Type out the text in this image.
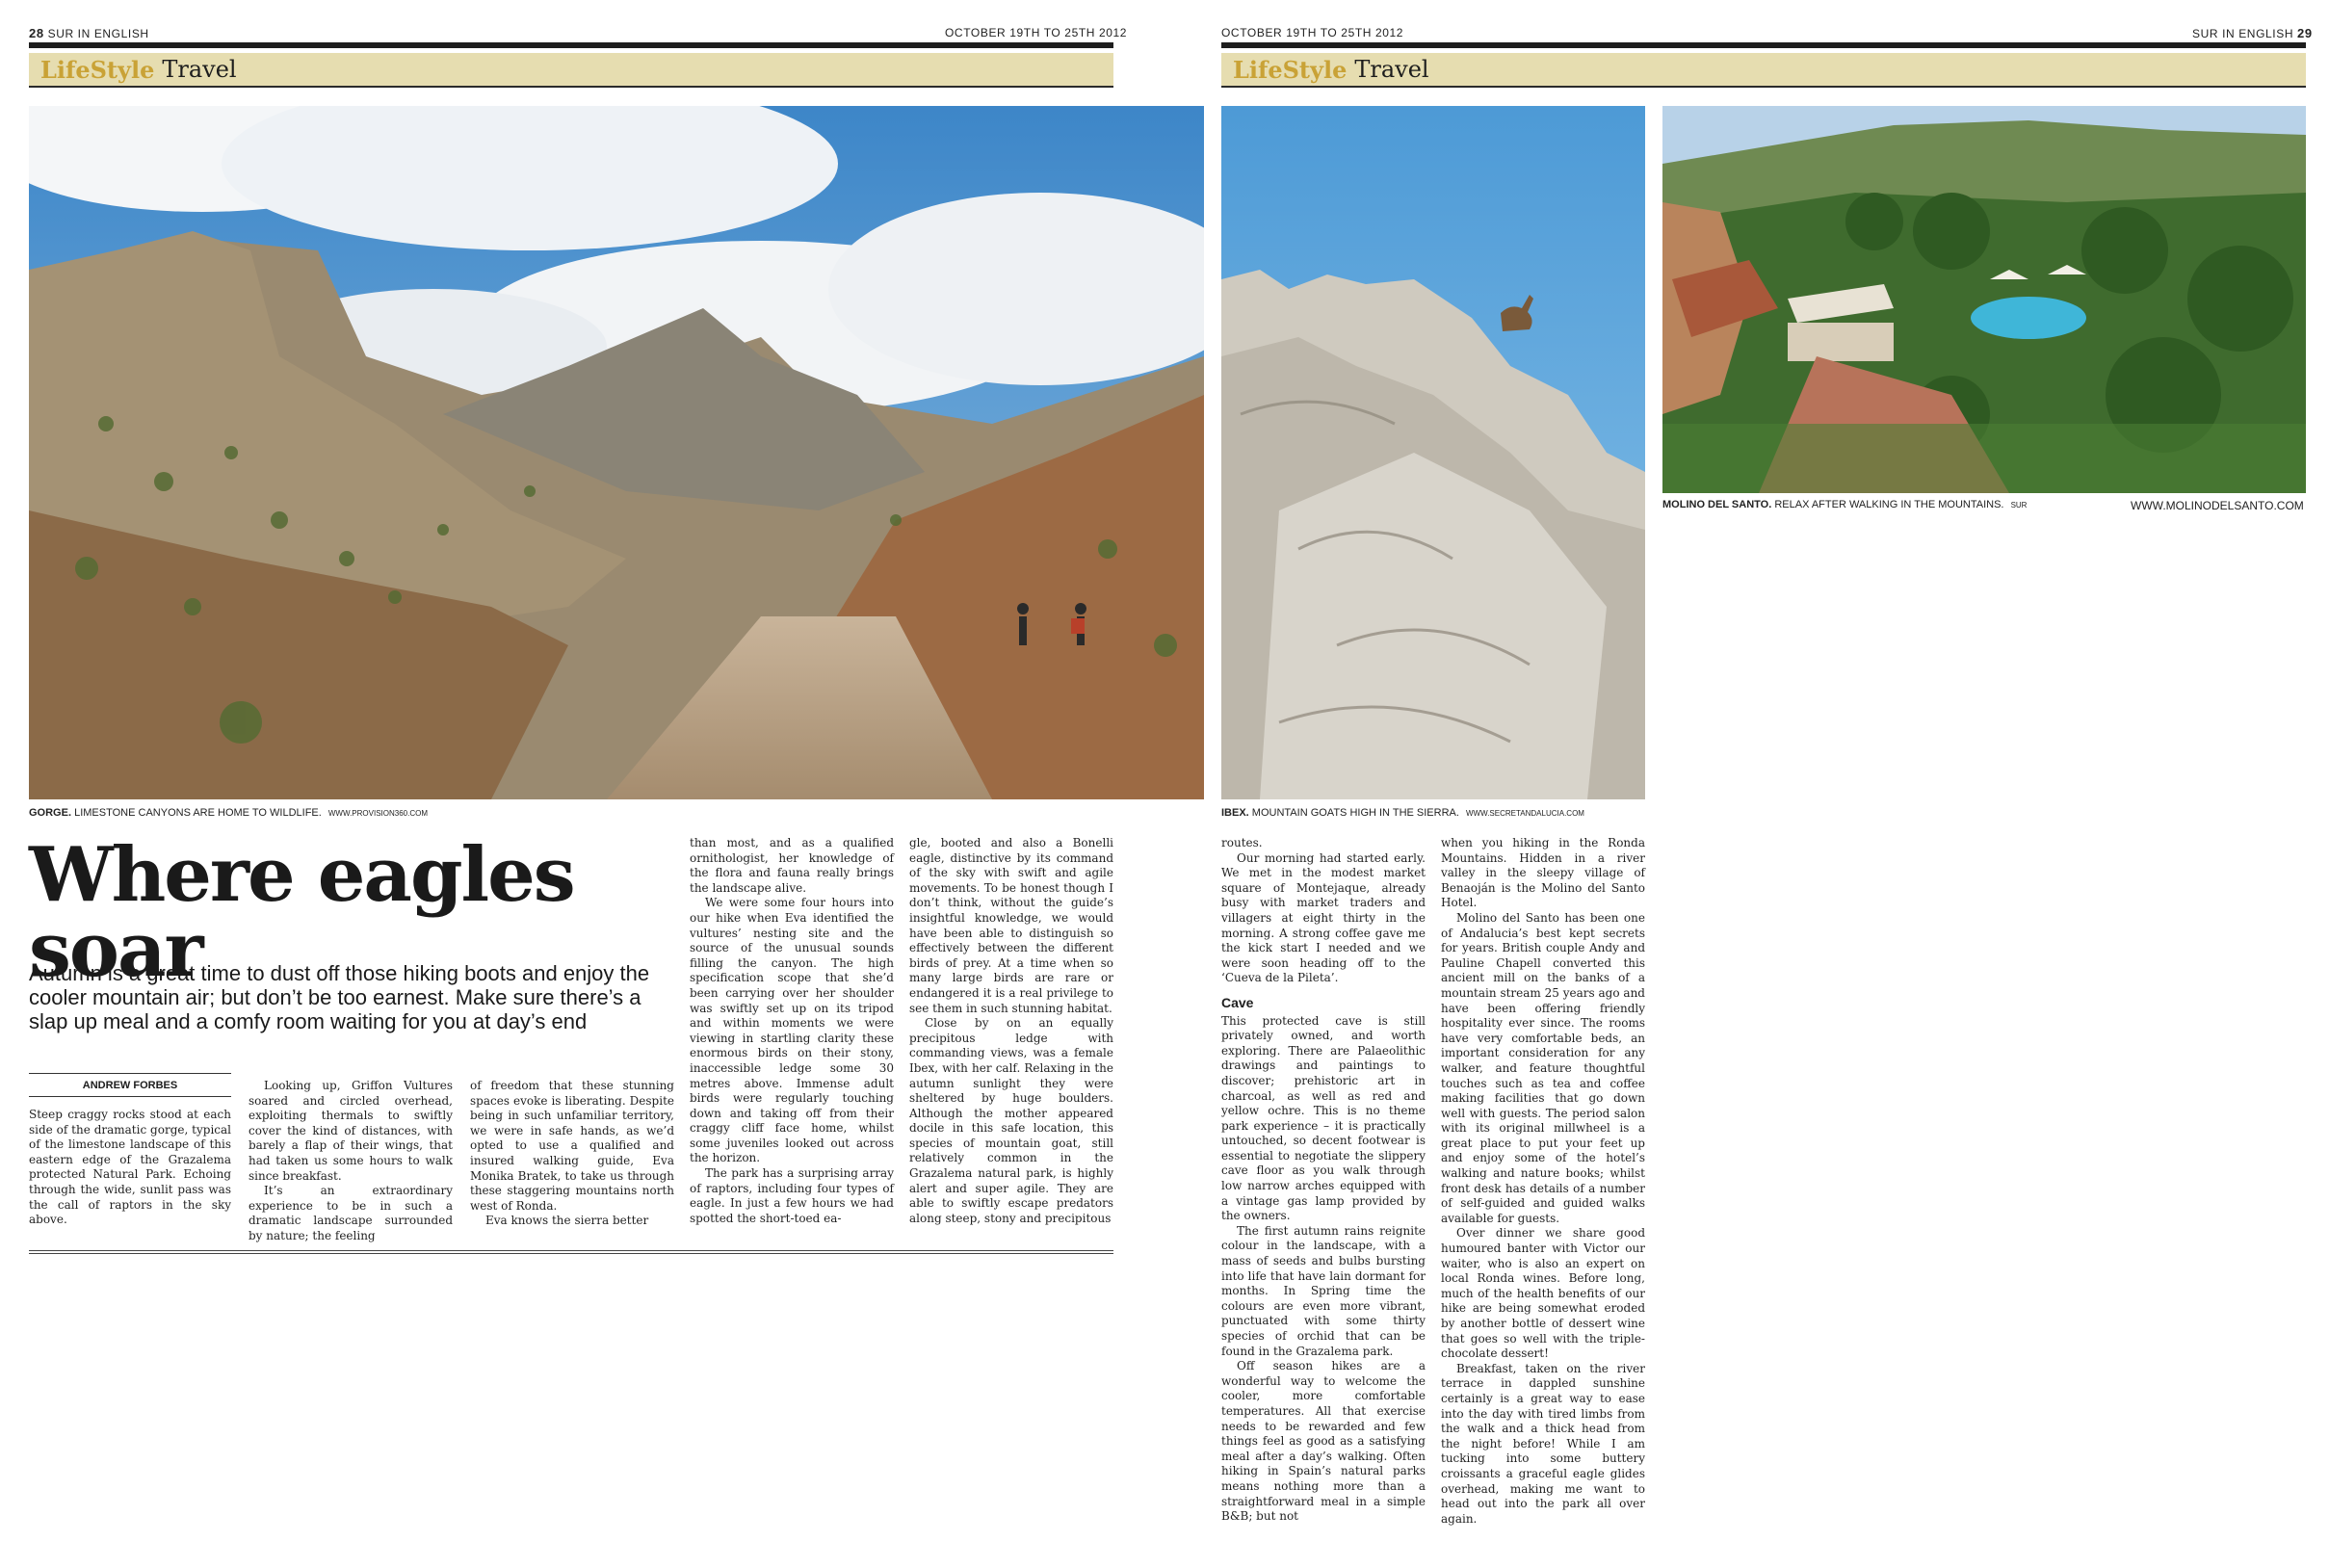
28 SUR IN ENGLISH	OCTOBER 19TH TO 25TH 2012
LifeStyle Travel
OCTOBER 19TH TO 25TH 2012	SUR IN ENGLISH 29
LifeStyle Travel
GORGE. LIMESTONE CANYONS ARE HOME TO WILDLIFE. WWW.PROVISION360.COM	IBEX. MOUNTAIN GOATS HIGH IN THE SIERRA. WWW.SECRETANDALUCIA.COM
MOLINO DEL SANTO. RELAX AFTER WALKING IN THE MOUNTAINS. SUR	WWW.MOLINODELSANTO.COM
Where eagles soar
Autumn is a great time to dust off those hiking boots and enjoy the cooler mountain air; but don’t be too earnest. Make sure there’s a slap up meal and a comfy room waiting for you at day’s end
ANDREW FORBES

Steep craggy rocks stood at each side of the dramatic gorge, typical of the limestone landscape of this eastern edge of the Grazalema protected Natural Park. Echoing through the wide, sunlit pass was the call of raptors in the sky above.

Looking up, Griffon Vultures soared and circled overhead, exploiting thermals to swiftly cover the kind of distances, with barely a flap of their wings, that had taken us some hours to walk since breakfast.

It’s an extraordinary experience to be in such a dramatic landscape surrounded by nature; the feeling

of freedom that these stunning spaces evoke is liberating. Despite being in such unfamiliar territory, we were in safe hands, as we’d opted to use a qualified and insured walking guide, Eva Monika Bratek, to take us through these staggering mountains north west of Ronda.

Eva knows the sierra better

than most, and as a qualified ornithologist, her knowledge of the flora and fauna really brings the landscape alive.

We were some four hours into our hike when Eva identified the vultures’ nesting site and the source of the unusual sounds filling the canyon. The high specification scope that she’d been carrying over her shoulder was swiftly set up on its tripod and within moments we were viewing in startling clarity these enormous birds on their stony, inaccessible ledge some 30 metres above. Immense adult birds were regularly touching down and taking off from their craggy cliff face home, whilst some juveniles looked out across the horizon.

The park has a surprising array of raptors, including four types of eagle. In just a few hours we had spotted the short-toed ea-

gle, booted and also a Bonelli eagle, distinctive by its command of the sky with swift and agile movements. To be honest though I don’t think, without the guide’s insightful knowledge, we would have been able to distinguish so effectively between the different birds of prey. At a time when so many large birds are rare or endangered it is a real privilege to see them in such stunning habitat.

Close by on an equally precipitous ledge with commanding views, was a female Ibex, with her calf. Relaxing in the autumn sunlight they were sheltered by huge boulders. Although the mother appeared docile in this safe location, this species of mountain goat, still relatively common in the Grazalema natural park, is highly alert and super agile. They are able to swiftly escape predators along steep, stony and precipitous

routes.

Our morning had started early. We met in the modest market square of Montejaque, already busy with market traders and villagers at eight thirty in the morning. A strong coffee gave me the kick start I needed and we were soon heading off to the ‘Cueva de la Pileta’.

Cave

This protected cave is still privately owned, and worth exploring. There are Palaeolithic drawings and paintings to discover; prehistoric art in charcoal, as well as red and yellow ochre. This is no theme park experience – it is practically untouched, so decent footwear is essential to negotiate the slippery cave floor as you walk through low narrow arches equipped with a vintage gas lamp provided by the owners.

The first autumn rains reignite colour in the landscape, with a mass of seeds and bulbs bursting into life that have lain dormant for months. In Spring time the colours are even more vibrant, punctuated with some thirty species of orchid that can be found in the Grazalema park.

Off season hikes are a wonderful way to welcome the cooler, more comfortable temperatures. All that exercise needs to be rewarded and few things feel as good as a satisfying meal after a day’s walking. Often hiking in Spain’s natural parks means nothing more than a straightforward meal in a simple B&B; but not

when you hiking in the Ronda Mountains. Hidden in a river valley in the sleepy village of Benaoján is the Molino del Santo Hotel.

Molino del Santo has been one of Andalucia’s best kept secrets for years. British couple Andy and Pauline Chapell converted this ancient mill on the banks of a mountain stream 25 years ago and have been offering friendly hospitality ever since. The rooms have very comfortable beds, an important consideration for any walker, and feature thoughtful touches such as tea and coffee making facilities that go down well with guests. The period salon with its original millwheel is a great place to put your feet up and enjoy some of the hotel’s walking and nature books; whilst front desk has details of a number of self-guided and guided walks available for guests.

Over dinner we share good humoured banter with Victor our waiter, who is also an expert on local Ronda wines. Before long, much of the health benefits of our hike are being somewhat eroded by another bottle of dessert wine that goes so well with the triple-chocolate dessert!

Breakfast, taken on the river terrace in dappled sunshine certainly is a great way to ease into the day with tired limbs from the walk and a thick head from the night before! While I am tucking into some buttery croissants a graceful eagle glides overhead, making me want to head out into the park all over again.
